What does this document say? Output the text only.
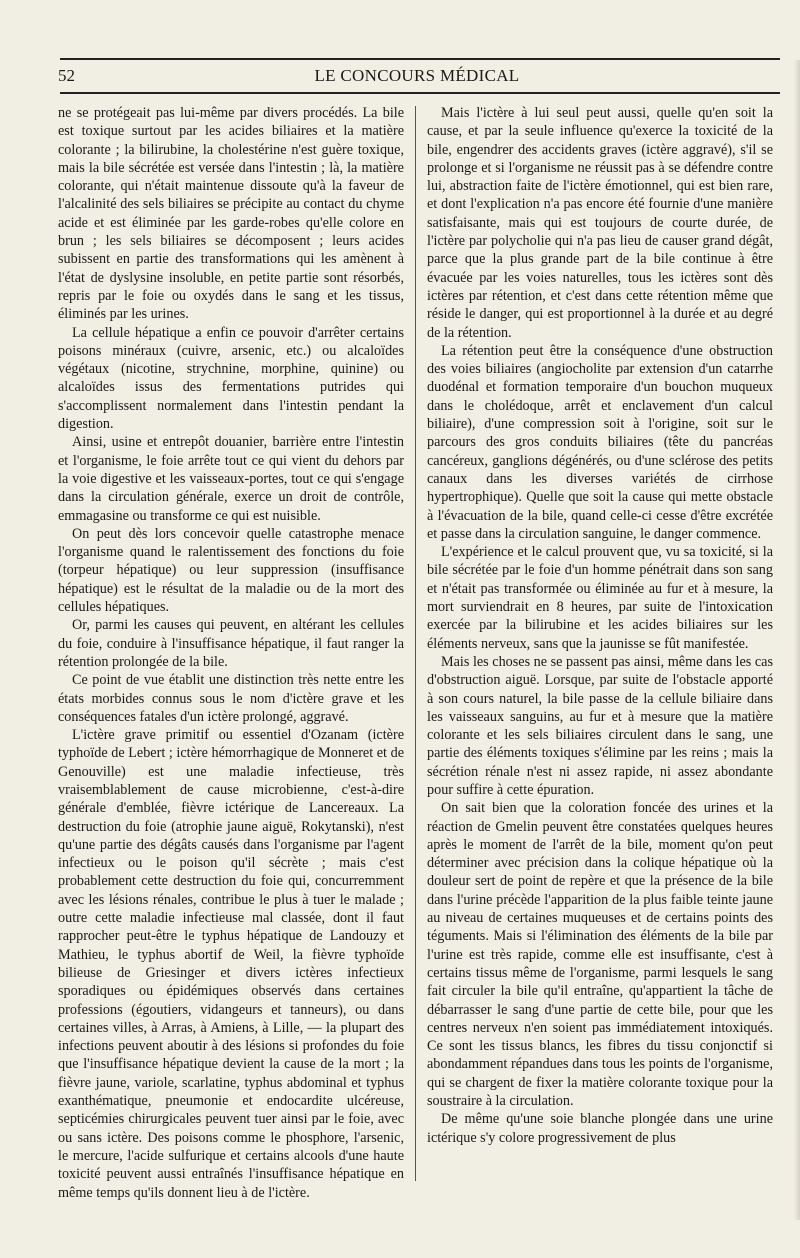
52	LE CONCOURS MÉDICAL

ne se protégeait pas lui-même par divers procédés. La bile est toxique surtout par les acides biliaires et la matière colorante ; la bilirubine, la cholestérine n'est guère toxique, mais la bile sécrétée est versée dans l'intestin ; là, la matière colorante, qui n'était maintenue dissoute qu'à la faveur de l'alcalinité des sels biliaires se précipite au contact du chyme acide et est éliminée par les garde-robes qu'elle colore en brun ; les sels biliaires se décomposent ; leurs acides subissent en partie des transformations qui les amènent à l'état de dyslysine insoluble, en petite partie sont résorbés, repris par le foie ou oxydés dans le sang et les tissus, éliminés par les urines.

La cellule hépatique a enfin ce pouvoir d'arrêter certains poisons minéraux (cuivre, arsenic, etc.) ou alcaloïdes végétaux (nicotine, strychnine, morphine, quinine) ou alcaloïdes issus des fermentations putrides qui s'accomplissent normalement dans l'intestin pendant la digestion.

Ainsi, usine et entrepôt douanier, barrière entre l'intestin et l'organisme, le foie arrête tout ce qui vient du dehors par la voie digestive et les vaisseaux-portes, tout ce qui s'engage dans la circulation générale, exerce un droit de contrôle, emmagasine ou transforme ce qui est nuisible.

On peut dès lors concevoir quelle catastrophe menace l'organisme quand le ralentissement des fonctions du foie (torpeur hépatique) ou leur suppression (insuffisance hépatique) est le résultat de la maladie ou de la mort des cellules hépatiques.

Or, parmi les causes qui peuvent, en altérant les cellules du foie, conduire à l'insuffisance hépatique, il faut ranger la rétention prolongée de la bile.

Ce point de vue établit une distinction très nette entre les états morbides connus sous le nom d'ictère grave et les conséquences fatales d'un ictère prolongé, aggravé.

L'ictère grave primitif ou essentiel d'Ozanam (ictère typhoïde de Lebert ; ictère hémorrhagique de Monneret et de Genouville) est une maladie infectieuse, très vraisemblablement de cause microbienne, c'est-à-dire générale d'emblée, fièvre ictérique de Lancereaux. La destruction du foie (atrophie jaune aiguë, Rokytanski), n'est qu'une partie des dégâts causés dans l'organisme par l'agent infectieux ou le poison qu'il sécrète ; mais c'est probablement cette destruction du foie qui, concurremment avec les lésions rénales, contribue le plus à tuer le malade ; outre cette maladie infectieuse mal classée, dont il faut rapprocher peut-être le typhus hépatique de Landouzy et Mathieu, le typhus abortif de Weil, la fièvre typhoïde bilieuse de Griesinger et divers ictères infectieux sporadiques ou épidémiques observés dans certaines professions (égoutiers, vidangeurs et tanneurs), ou dans certaines villes, à Arras, à Amiens, à Lille, — la plupart des infections peuvent aboutir à des lésions si profondes du foie que l'insuffisance hépatique devient la cause de la mort ; la fièvre jaune, variole, scarlatine, typhus abdominal et typhus exanthématique, pneumonie et endocardite ulcéreuse, septicémies chirurgicales peuvent tuer ainsi par le foie, avec ou sans ictère. Des poisons comme le phosphore, l'arsenic, le mercure, l'acide sulfurique et certains alcools d'une haute toxicité peuvent aussi entraînés l'insuffisance hépatique en même temps qu'ils donnent lieu à de l'ictère.

Mais l'ictère à lui seul peut aussi, quelle qu'en soit la cause, et par la seule influence qu'exerce la toxicité de la bile, engendrer des accidents graves (ictère aggravé), s'il se prolonge et si l'organisme ne réussit pas à se défendre contre lui, abstraction faite de l'ictère émotionnel, qui est bien rare, et dont l'explication n'a pas encore été fournie d'une manière satisfaisante, mais qui est toujours de courte durée, de l'ictère par polycholie qui n'a pas lieu de causer grand dégât, parce que la plus grande part de la bile continue à être évacuée par les voies naturelles, tous les ictères sont dès ictères par rétention, et c'est dans cette rétention même que réside le danger, qui est proportionnel à la durée et au degré de la rétention.

La rétention peut être la conséquence d'une obstruction des voies biliaires (angiocholite par extension d'un catarrhe duodénal et formation temporaire d'un bouchon muqueux dans le cholédoque, arrêt et enclavement d'un calcul biliaire), d'une compression soit à l'origine, soit sur le parcours des gros conduits biliaires (tête du pancréas cancéreux, ganglions dégénérés, ou d'une sclérose des petits canaux dans les diverses variétés de cirrhose hypertrophique). Quelle que soit la cause qui mette obstacle à l'évacuation de la bile, quand celle-ci cesse d'être excrétée et passe dans la circulation sanguine, le danger commence.

L'expérience et le calcul prouvent que, vu sa toxicité, si la bile sécrétée par le foie d'un homme pénétrait dans son sang et n'était pas transformée ou éliminée au fur et à mesure, la mort surviendrait en 8 heures, par suite de l'intoxication exercée par la bilirubine et les acides biliaires sur les éléments nerveux, sans que la jaunisse se fût manifestée.

Mais les choses ne se passent pas ainsi, même dans les cas d'obstruction aiguë. Lorsque, par suite de l'obstacle apporté à son cours naturel, la bile passe de la cellule biliaire dans les vaisseaux sanguins, au fur et à mesure que la matière colorante et les sels biliaires circulent dans le sang, une partie des éléments toxiques s'élimine par les reins ; mais la sécrétion rénale n'est ni assez rapide, ni assez abondante pour suffire à cette épuration.

On sait bien que la coloration foncée des urines et la réaction de Gmelin peuvent être constatées quelques heures après le moment de l'arrêt de la bile, moment qu'on peut déterminer avec précision dans la colique hépatique où la douleur sert de point de repère et que la présence de la bile dans l'urine précède l'apparition de la plus faible teinte jaune au niveau de certaines muqueuses et de certains points des téguments. Mais si l'élimination des éléments de la bile par l'urine est très rapide, comme elle est insuffisante, c'est à certains tissus même de l'organisme, parmi lesquels le sang fait circuler la bile qu'il entraîne, qu'appartient la tâche de débarrasser le sang d'une partie de cette bile, pour que les centres nerveux n'en soient pas immédiatement intoxiqués. Ce sont les tissus blancs, les fibres du tissu conjonctif si abondamment répandues dans tous les points de l'organisme, qui se chargent de fixer la matière colorante toxique pour la soustraire à la circulation.

De même qu'une soie blanche plongée dans une urine ictérique s'y colore progressivement de plus
